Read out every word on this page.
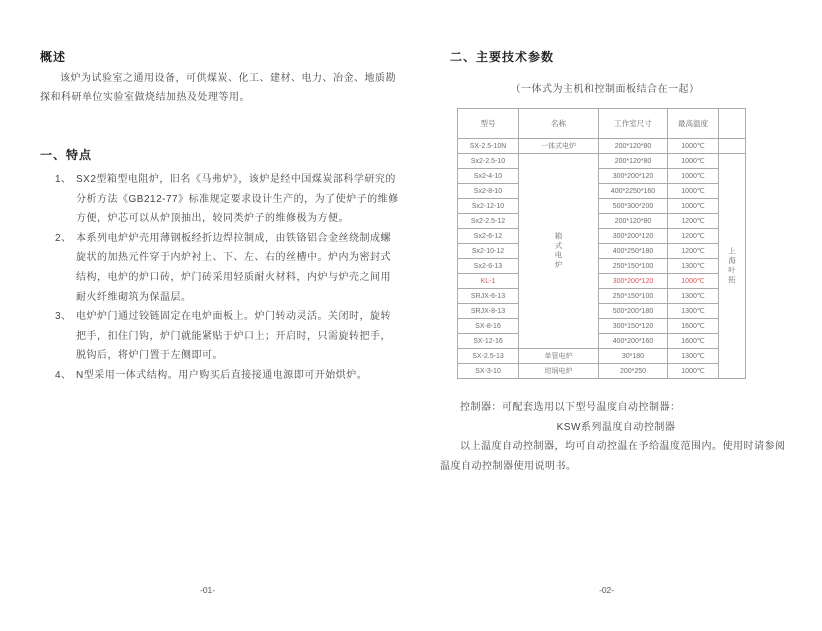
概述
该炉为试验室之通用设备，可供煤炭、化工、建材、电力、冶金、地质勘探和科研单位实验室做烧结加热及处理等用。
一、特点
1、 SX2型箱型电阻炉，旧名《马弗炉》，该炉是经中国煤炭部科学研究的分析方法《GB212-77》标准规定要求设计生产的，为了使炉子的维修方便，炉芯可以从炉顶抽出，较同类炉子的维修极为方便。
2、 本系列电炉炉壳用薄钢板经折边焊拉制成，由铁铬铝合金丝绕制成螺旋状的加热元件穿于内炉衬上、下、左、右的丝槽中。炉内为密封式结构，电炉的炉口砖，炉门砖采用轻质耐火材料，内炉与炉壳之间用耐火纤维砌筑为保温层。
3、 电炉炉门通过铰链固定在电炉面板上。炉门转动灵活。关闭时，旋转把手，扣住门钩，炉门就能紧贴于炉口上；开启时，只需旋转把手，脱钩后，将炉门置于左侧即可。
4、 N型采用一体式结构。用户购买后直接接通电源即可开始烘炉。
-01-
二、主要技术参数
（一体式为主机和控制面板结合在一起）
型号	名称	工作室尺寸	最高温度	
SX-2.5-10N	一体式电炉	200*120*80	1000℃	
Sx2-2.5-10	箱式电炉	200*120*80	1000℃	上海叶拓
Sx2-4-10		300*200*120	1000℃	
Sx2-8-10		400*2250*160	1000℃	
Sx2-12-10		500*300*200	1000℃	
Sx2-2.5-12		200*120*80	1200℃	
Sx2-6-12		300*200*120	1200℃	
Sx2-10-12		400*250*180	1200℃	
Sx2-6-13		250*150*100	1300℃	
KL-1		300*200*120	1000℃	
SRJX-6-13		250*150*100	1300℃	
SRJX-8-13		500*200*180	1300℃	
SX-8-16		300*150*120	1600℃	
SX-12-16		400*200*160	1600℃	
SX-2.5-13	单管电炉	30*180	1300℃	
SX-3-10	坩埚电炉	200*250	1000℃	
控制器：可配套选用以下型号温度自动控制器：
KSW系列温度自动控制器
以上温度自动控制器，均可自动控温在予给温度范围内。使用时请参阅温度自动控制器使用说明书。
-02-
